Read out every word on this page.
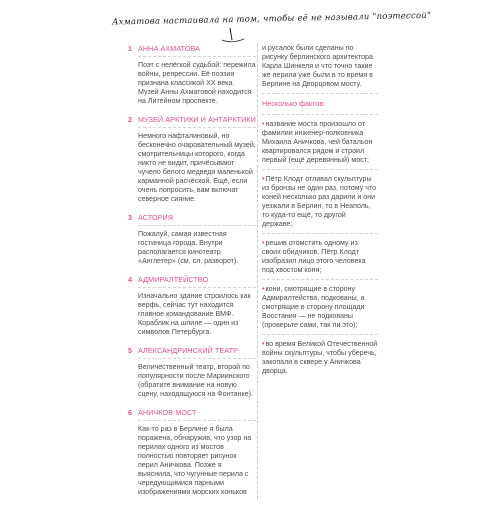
Ахматова настаивала на том, чтобы её не называли "поэтессой"
1 АННА АХМАТОВА
Поэт с нелёгкой судьбой: пережила войны, репрессии. Её поэзия признана классикой XX века. Музей Анны Ахматовой находится на Литейном проспекте.
2 МУЗЕЙ АРКТИКИ И АНТАРКТИКИ
Немного нафталиновый, но бесконечно очаровательный музей, смотрительницы которого, когда никто не видит, причёсывают чучело белого медведя маленькой карманной расчёской. Ещё, если очень попросить, вам включат северное сияние.
3 АСТОРИЯ
Пожалуй, самая известная гостиница города. Внутри располагается кинотеатр «Англетер» (см. сл. разворот).
4 АДМИРАЛТЕЙСТВО
Изначально здание строилось как верфь, сейчас тут находится главное командование ВМФ. Кораблик на шпиле — один из символов Петербурга.
5 АЛЕКСАНДРИНСКИЙ ТЕАТР
Величественный театр, второй по популярности после Мариинского (обратите внимание на новую сцену, находящуюся на Фонтанке).
6 АНИЧКОВ МОСТ
Как-то раз в Берлине я была поражена, обнаружив, что узор на перилах одного из мостов полностью повторяет рисунок перил Аничкова. Позже я выяснила, что чугунные перила с чередующимися парными изображениями морских коньков
и русалок были сделаны по рисунку берлинского архитектора Карла Шинкеля и что точно такие же перила уже были в то время в Берлине на Дворцовом мосту.
Несколько фактов:
•название моста произошло от фамилии инженер-полковника Михаила Аничкова, чей батальон квартировался рядом и строил первый (ещё деревянный) мост;
•Пётр Клодт отливал скульптуры из бронзы не один раз, потому что коней несколько раз дарили и они уезжали в Берлин, то в Неаполь, то куда-то ещё, то другой державе;
•решив отомстить одному из своих обидчиков, Пётр Клодт изобразил лицо этого человека под хвостом коня;
•кони, смотрящие в сторону Адмиралтейства, подкованы, а смотрящие в сторону площади Восстания — не подкованы (проверьте сами, так ли это);
•во время Великой Отечественной войны скульптуры, чтобы уберечь, закопали в сквере у Аничкова дворца.
